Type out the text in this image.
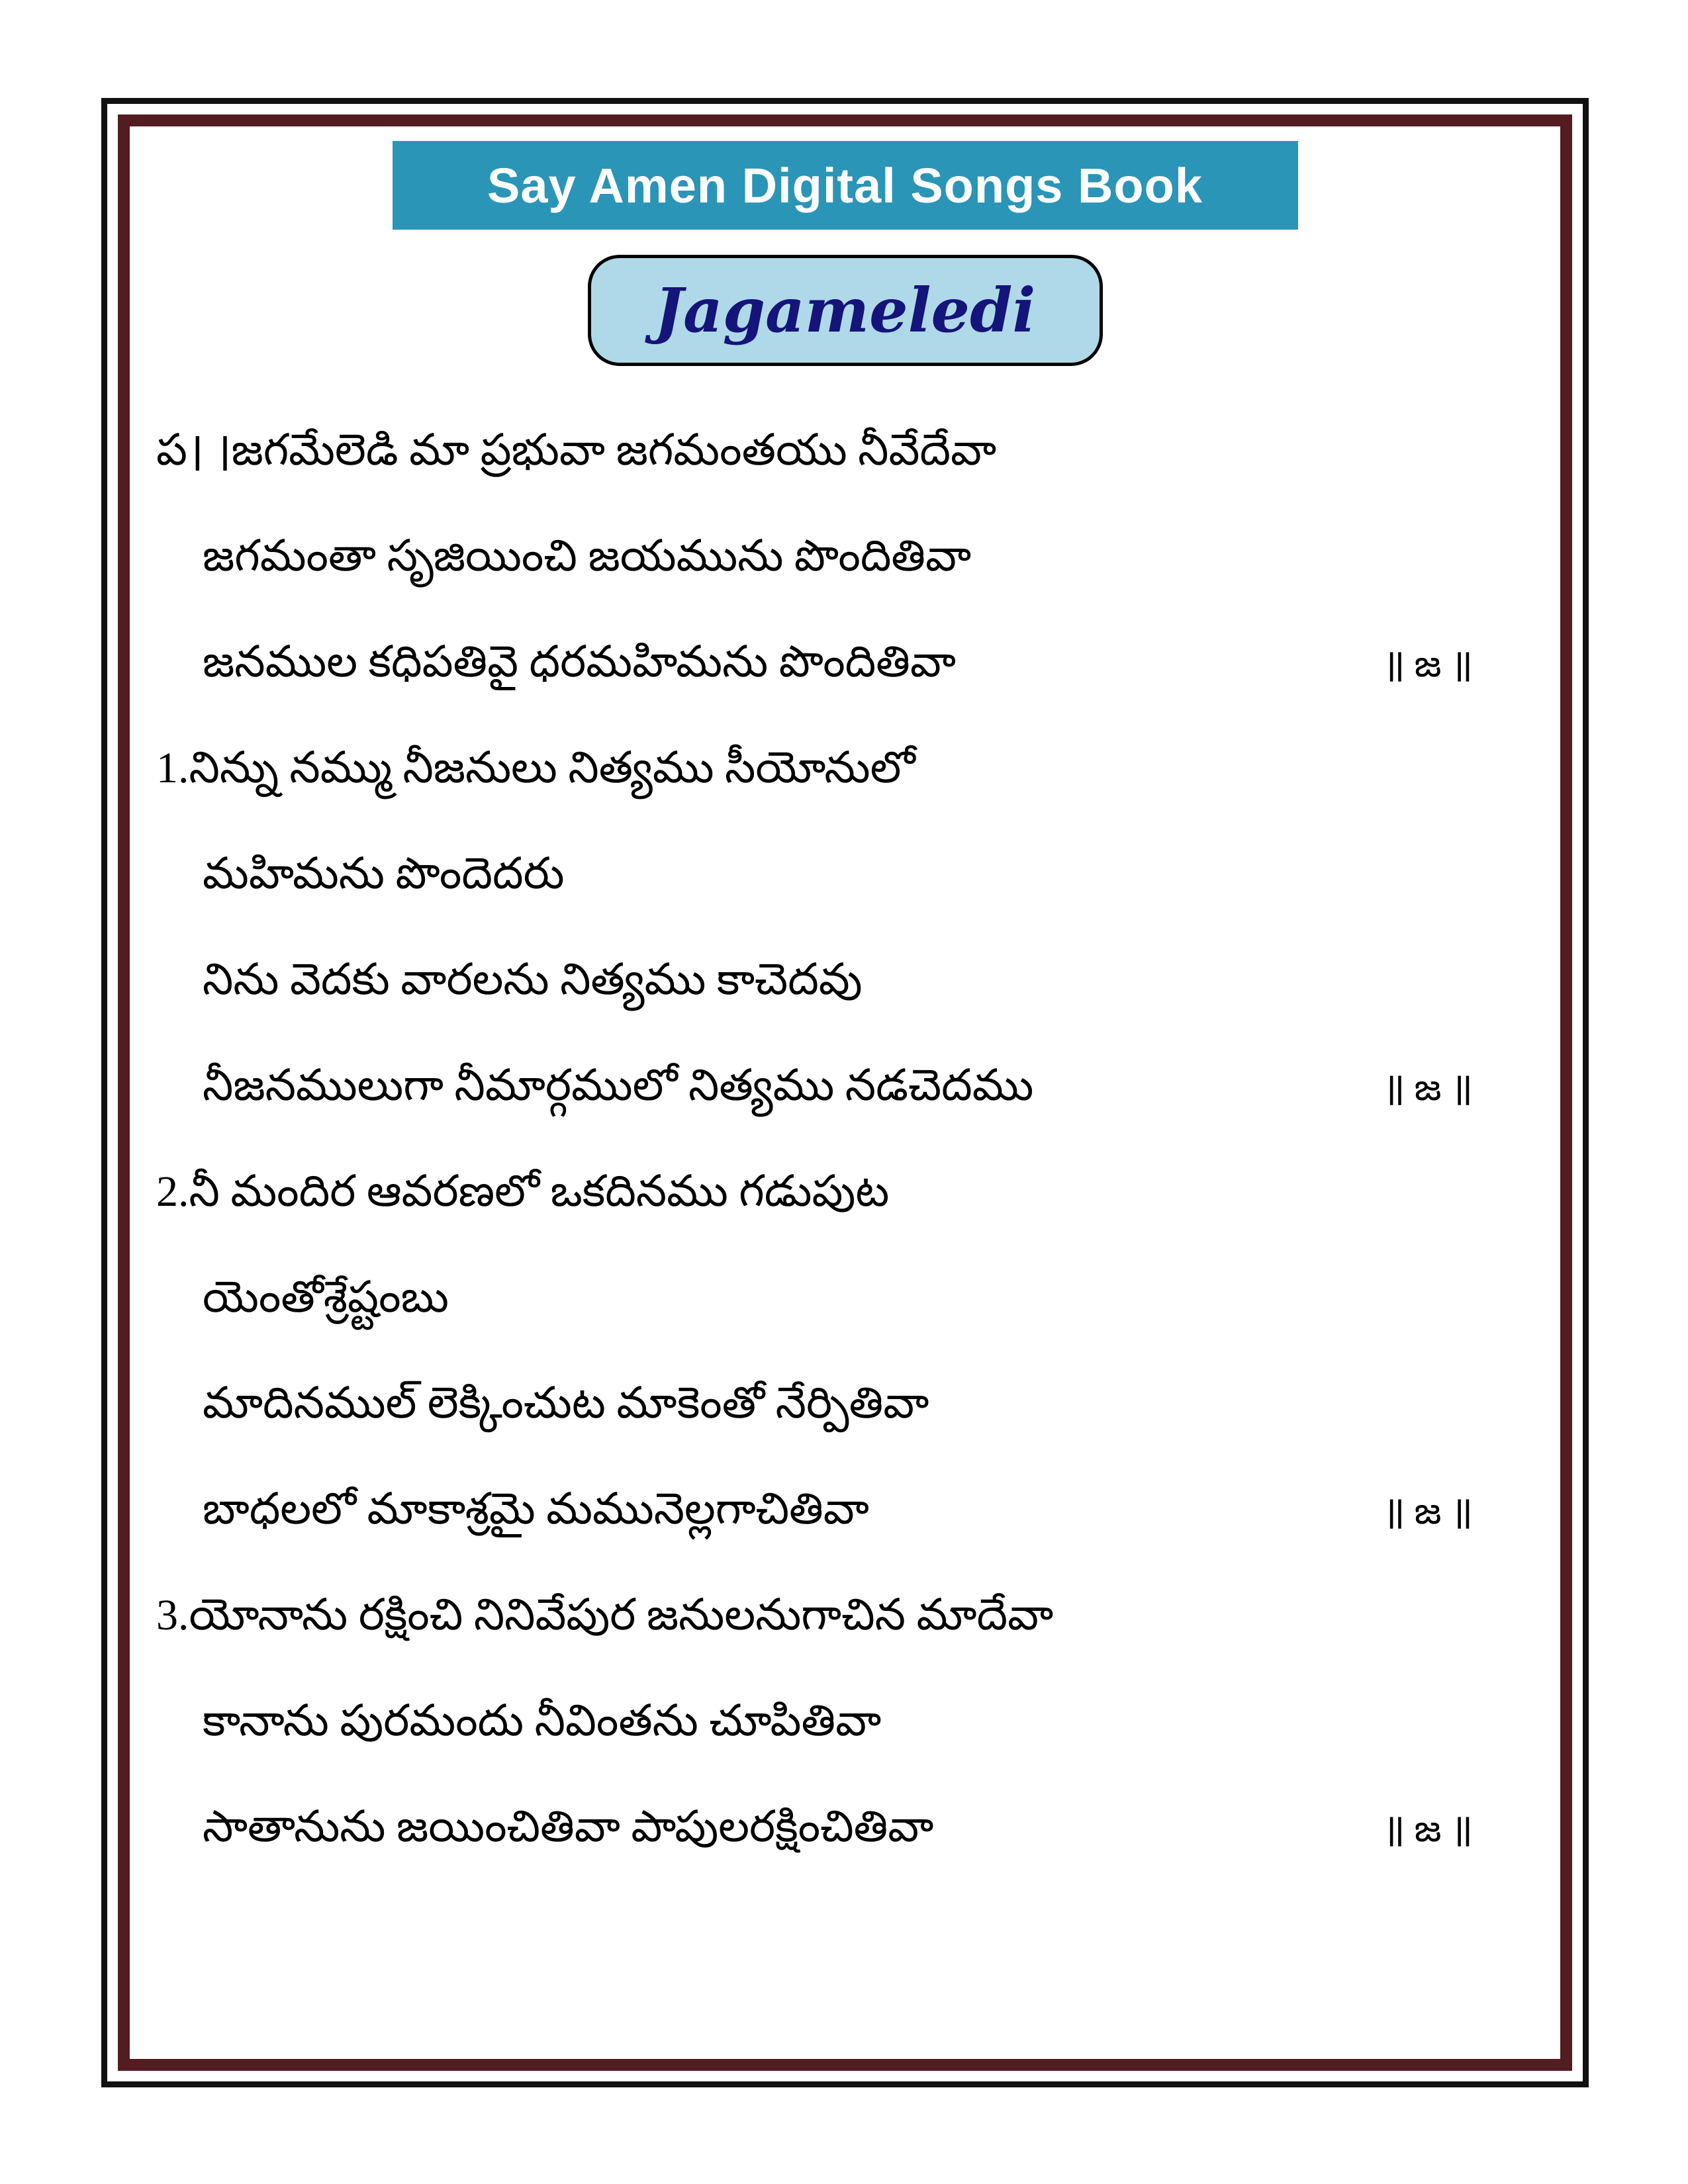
Say Amen Digital Songs Book
Jagameledi
ప। ।జగమేలెడి మా ప్రభువా జగమంతయు నీవేదేవా
జగమంతా సృజియించి జయమును పొందితివా
జనముల కధిపతివై ధరమహిమను పొందితివా	॥ జ ॥
1.నిన్ను నమ్ము నీజనులు నిత్యము సీయోనులో
మహిమను పొందెదరు
నిను వెదకు వారలను నిత్యము కాచెదవు
నీజనములుగా నీమార్గములో నిత్యము నడచెదము	॥ జ ॥
2.నీ మందిర ఆవరణలో ఒకదినము గడుపుట
యెంతోశ్రేష్టంబు
మాదినముల్ లెక్కించుట మాకెంతో నేర్పితివా
బాధలలో మాకాశ్రమై మమునెల్లగాచితివా	॥ జ ॥
3.యోనాను రక్షించి నినివేపుర జనులనుగాచిన మాదేవా
కానాను పురమందు నీవింతను చూపితివా
సాతానును జయించితివా పాపులరక్షించితివా	॥ జ ॥
